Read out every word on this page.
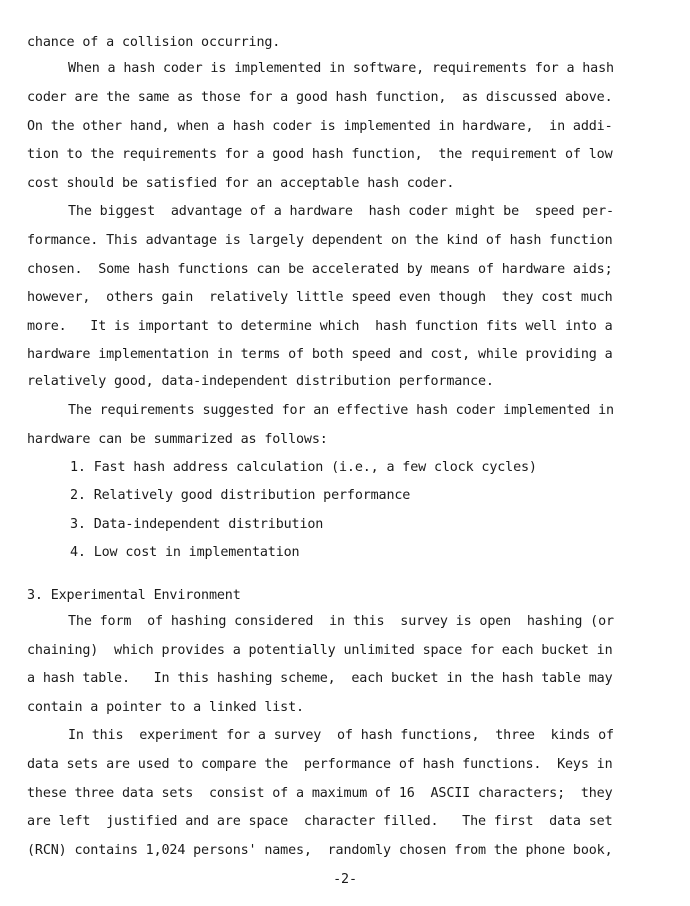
chance of a collision occurring.
When a hash coder is implemented in software, requirements for a hash
coder are the same as those for a good hash function,  as discussed above.
On the other hand, when a hash coder is implemented in hardware,  in addi-
tion to the requirements for a good hash function,  the requirement of low
cost should be satisfied for an acceptable hash coder.
The biggest  advantage of a hardware  hash coder might be  speed per-
formance. This advantage is largely dependent on the kind of hash function
chosen.  Some hash functions can be accelerated by means of hardware aids;
however,  others gain  relatively little speed even though  they cost much
more.   It is important to determine which  hash function fits well into a
hardware implementation in terms of both speed and cost, while providing a
relatively good, data-independent distribution performance.
The requirements suggested for an effective hash coder implemented in
hardware can be summarized as follows:
1. Fast hash address calculation (i.e., a few clock cycles)
2. Relatively good distribution performance
3. Data-independent distribution
4. Low cost in implementation
3. Experimental Environment
The form  of hashing considered  in this  survey is open  hashing (or
chaining)  which provides a potentially unlimited space for each bucket in
a hash table.   In this hashing scheme,  each bucket in the hash table may
contain a pointer to a linked list.
In this  experiment for a survey  of hash functions,  three  kinds of
data sets are used to compare the  performance of hash functions.  Keys in
these three data sets  consist of a maximum of 16  ASCII characters;  they
are left  justified and are space  character filled.   The first  data set
(RCN) contains 1,024 persons' names,  randomly chosen from the phone book,
-2-
